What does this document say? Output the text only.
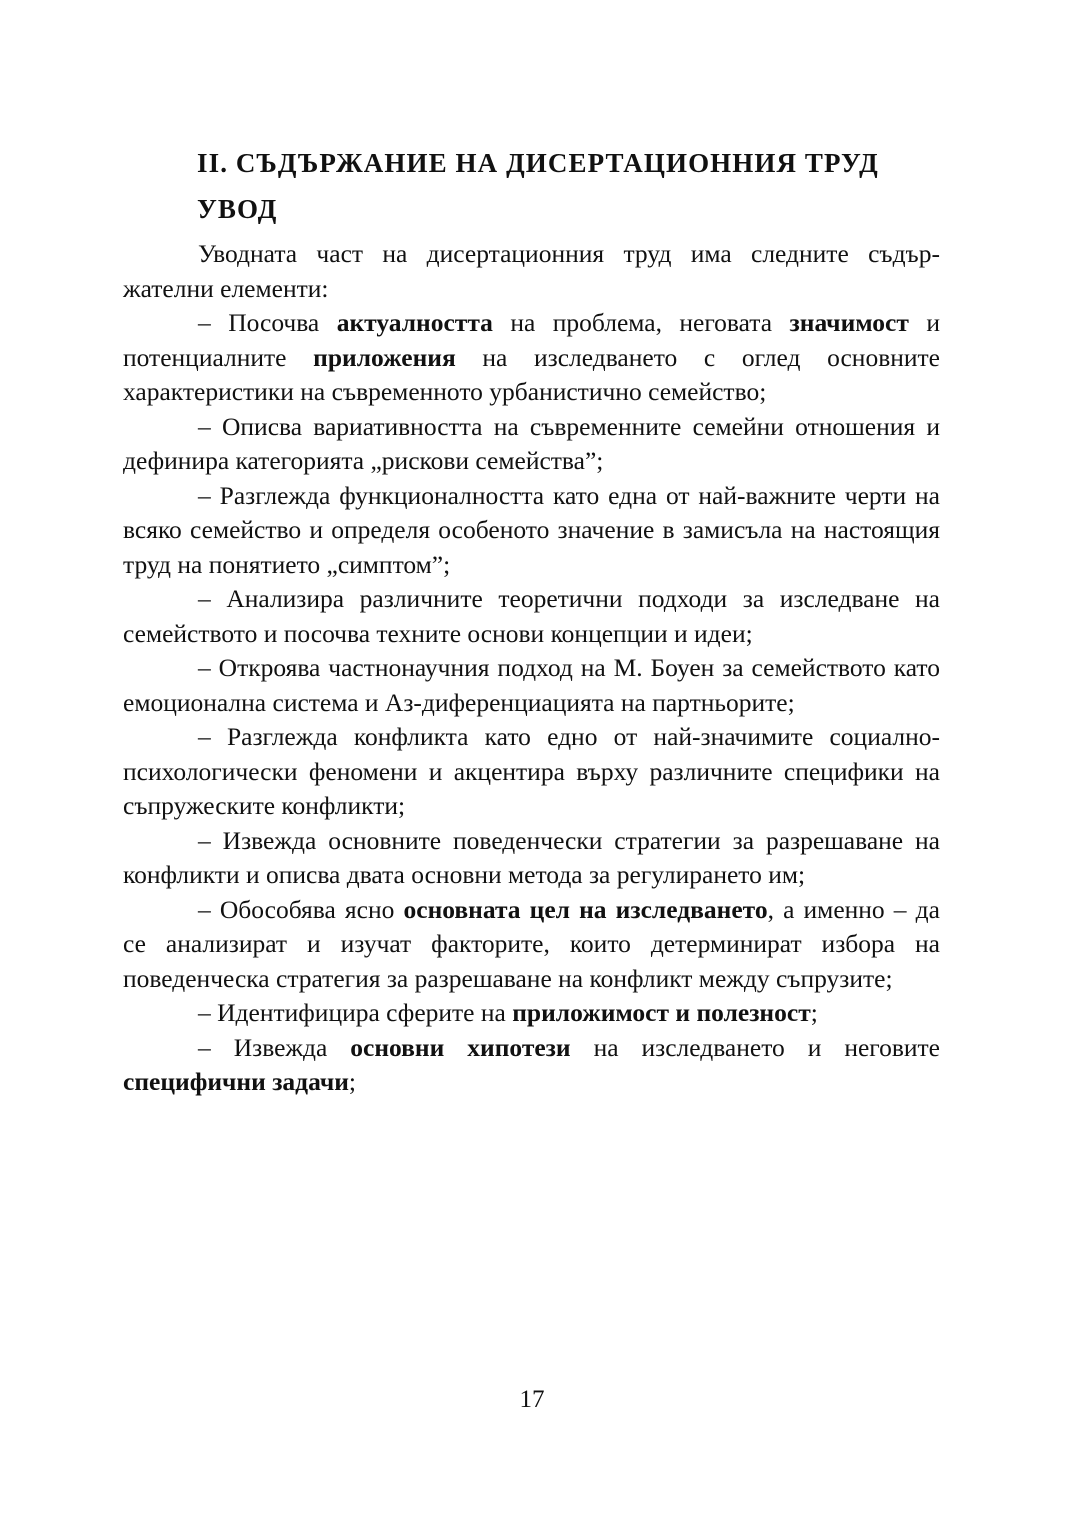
II. СЪДЪРЖАНИЕ НА ДИСЕРТАЦИОННИЯ ТРУД
УВОД

Уводната част на дисертационния труд има следните съдър-жателни елементи:

– Посочва актуалността на проблема, неговата значимост и потенциалните приложения на изследването с оглед основните характеристики на съвременното урбанистично семейство;

– Описва вариативността на съвременните семейни отношения и дефинира категорията „рискови семейства”;

– Разглежда функционалността като една от най-важните черти на всяко семейство и определя особеното значение в замисъла на настоящия труд на понятието „симптом”;

– Анализира различните теоретични подходи за изследване на семейството и посочва техните основи концепции и идеи;

– Откроява частнонаучния подход на М. Боуен за семейството като емоционална система и Аз-диференциацията на партньорите;

– Разглежда конфликта като едно от най-значимите социално-психологически феномени и акцентира върху различните специфики на съпружеските конфликти;

– Извежда основните поведенчески стратегии за разрешаване на конфликти и описва двата основни метода за регулирането им;

– Обособява ясно основната цел на изследването, а именно – да се анализират и изучат факторите, които детерминират избора на поведенческа стратегия за разрешаване на конфликт между съпрузите;

– Идентифицира сферите на приложимост и полезност;

– Извежда основни хипотези на изследването и неговите специфични задачи;

17
